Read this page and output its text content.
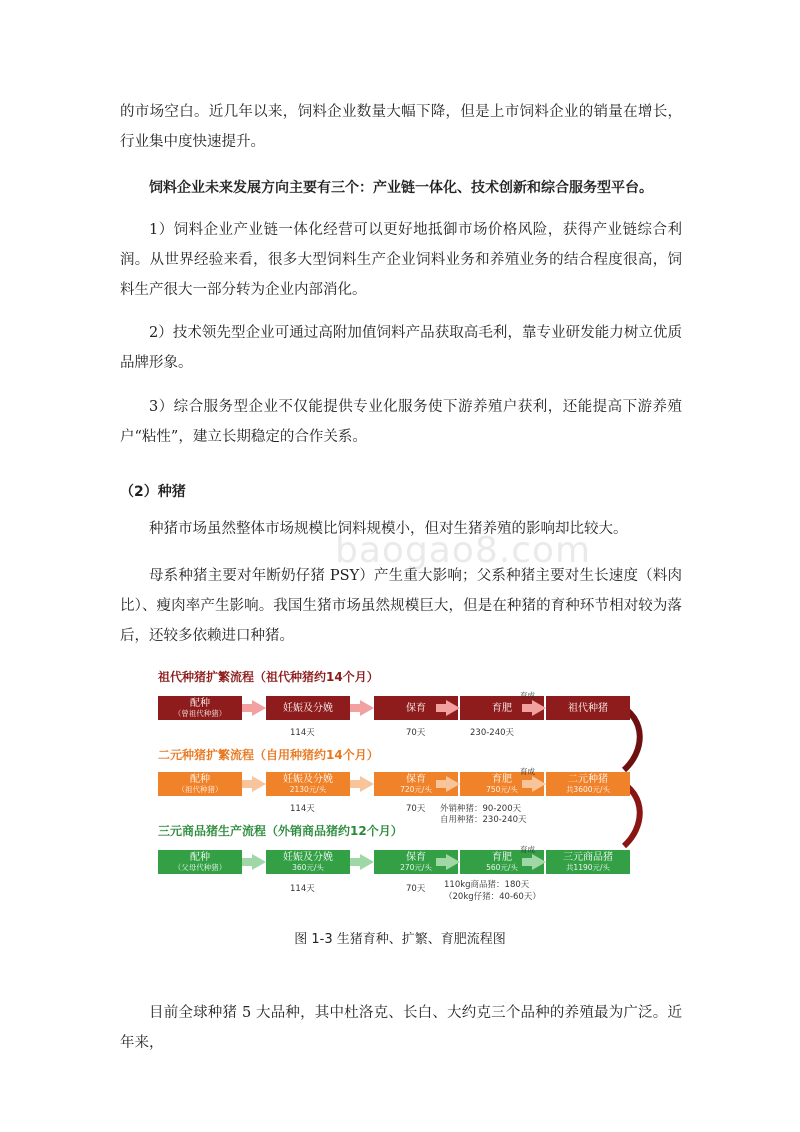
的市场空白。近几年以来，饲料企业数量大幅下降，但是上市饲料企业的销量在增长，行业集中度快速提升。

饲料企业未来发展方向主要有三个：产业链一体化、技术创新和综合服务型平台。

1）饲料企业产业链一体化经营可以更好地抵御市场价格风险，获得产业链综合利润。从世界经验来看，很多大型饲料生产企业饲料业务和养殖业务的结合程度很高，饲料生产很大一部分转为企业内部消化。

2）技术领先型企业可通过高附加值饲料产品获取高毛利，靠专业研发能力树立优质品牌形象。

3）综合服务型企业不仅能提供专业化服务使下游养殖户获利，还能提高下游养殖户“粘性”，建立长期稳定的合作关系。

（2）种猪

种猪市场虽然整体市场规模比饲料规模小，但对生猪养殖的影响却比较大。

母系种猪主要对年断奶仔猪 PSY）产生重大影响；父系种猪主要对生长速度（料肉比）、瘦肉率产生影响。我国生猪市场虽然规模巨大，但是在种猪的育种环节相对较为落后，还较多依赖进口种猪。

baogao8.com
祖代种猪扩繁流程（祖代种猪约14个月）
配种
（曾祖代种猪）	妊娠及分娩	保育	育肥
育成
祖代种猪
114天	70天	230-240天
二元种猪扩繁流程（自用种猪约14个月）
配种
（祖代种猪）
妊娠及分娩
2130元/头
保育
720元/头
育肥
750元/头
育成
二元种猪
共3600元/头
114天	70天 外销种猪：90-200天
自用种猪：230-240天
三元商品猪生产流程（外销商品猪约12个月）
配种
（父母代种猪）
妊娠及分娩
360元/头
保育
270元/头
育肥
560元/头
育成
三元商品猪
共1190元/头
114天	70天 110kg商品猪：180天
（20kg仔猪：40-60天）
图 1-3 生猪育种、扩繁、育肥流程图

目前全球种猪 5 大品种，其中杜洛克、长白、大约克三个品种的养殖最为广泛。近年来，
